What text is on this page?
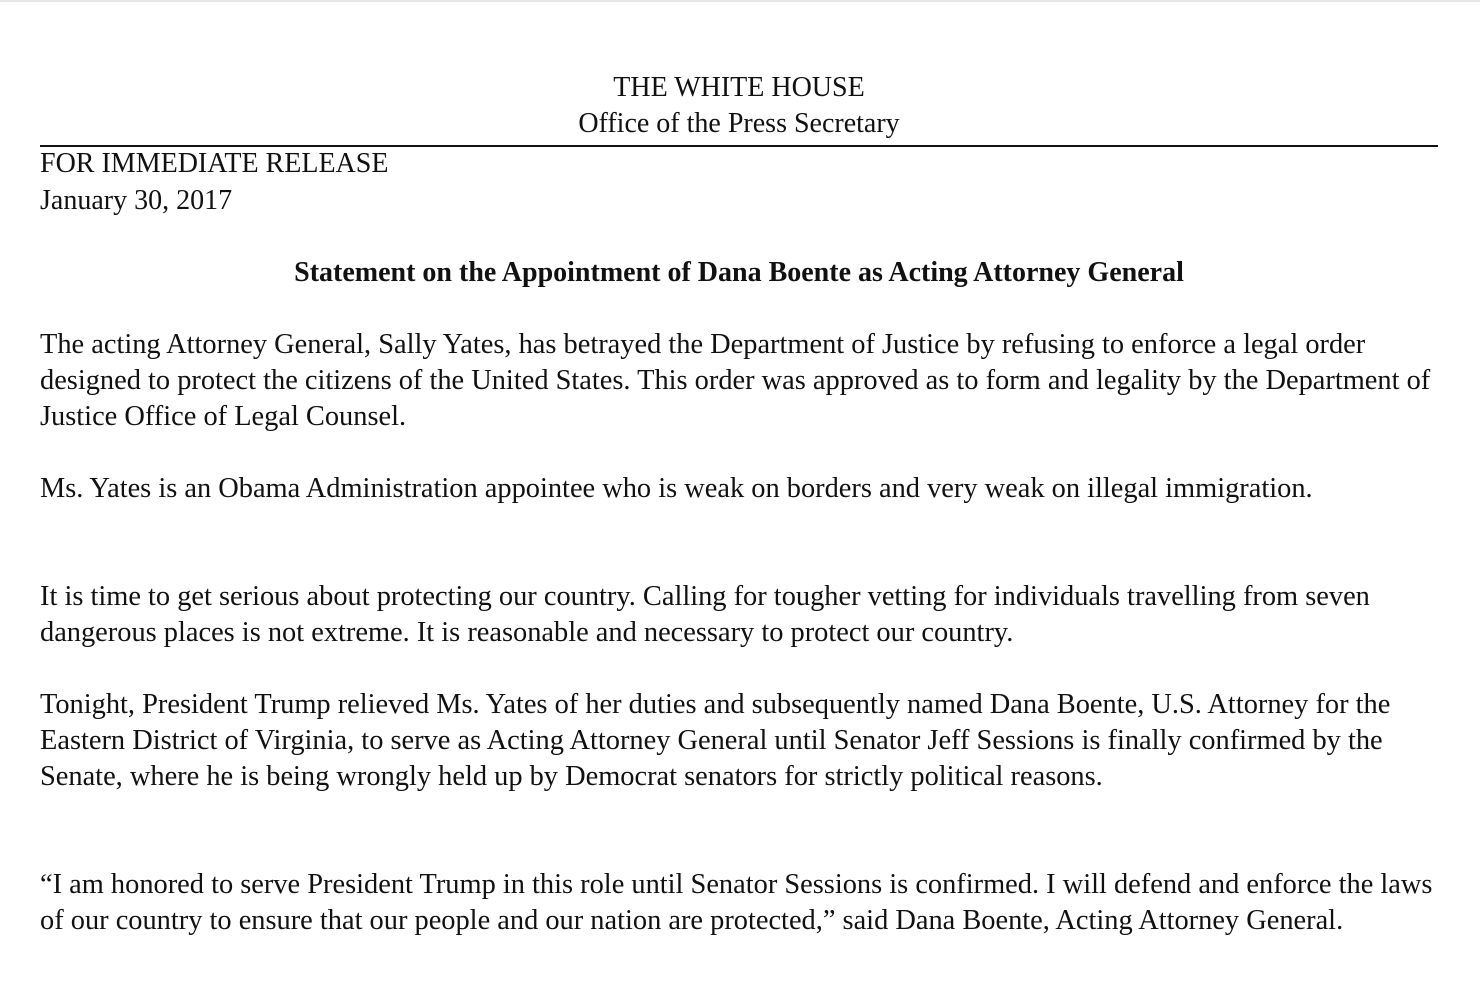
THE WHITE HOUSE
Office of the Press Secretary
FOR IMMEDIATE RELEASE
January 30, 2017
Statement on the Appointment of Dana Boente as Acting Attorney General

The acting Attorney General, Sally Yates, has betrayed the Department of Justice by refusing to enforce a legal order designed to protect the citizens of the United States. This order was approved as to form and legality by the Department of Justice Office of Legal Counsel.

Ms. Yates is an Obama Administration appointee who is weak on borders and very weak on illegal immigration.

It is time to get serious about protecting our country. Calling for tougher vetting for individuals travelling from seven dangerous places is not extreme. It is reasonable and necessary to protect our country.

Tonight, President Trump relieved Ms. Yates of her duties and subsequently named Dana Boente, U.S. Attorney for the Eastern District of Virginia, to serve as Acting Attorney General until Senator Jeff Sessions is finally confirmed by the Senate, where he is being wrongly held up by Democrat senators for strictly political reasons.

“I am honored to serve President Trump in this role until Senator Sessions is confirmed. I will defend and enforce the laws of our country to ensure that our people and our nation are protected,” said Dana Boente, Acting Attorney General.
